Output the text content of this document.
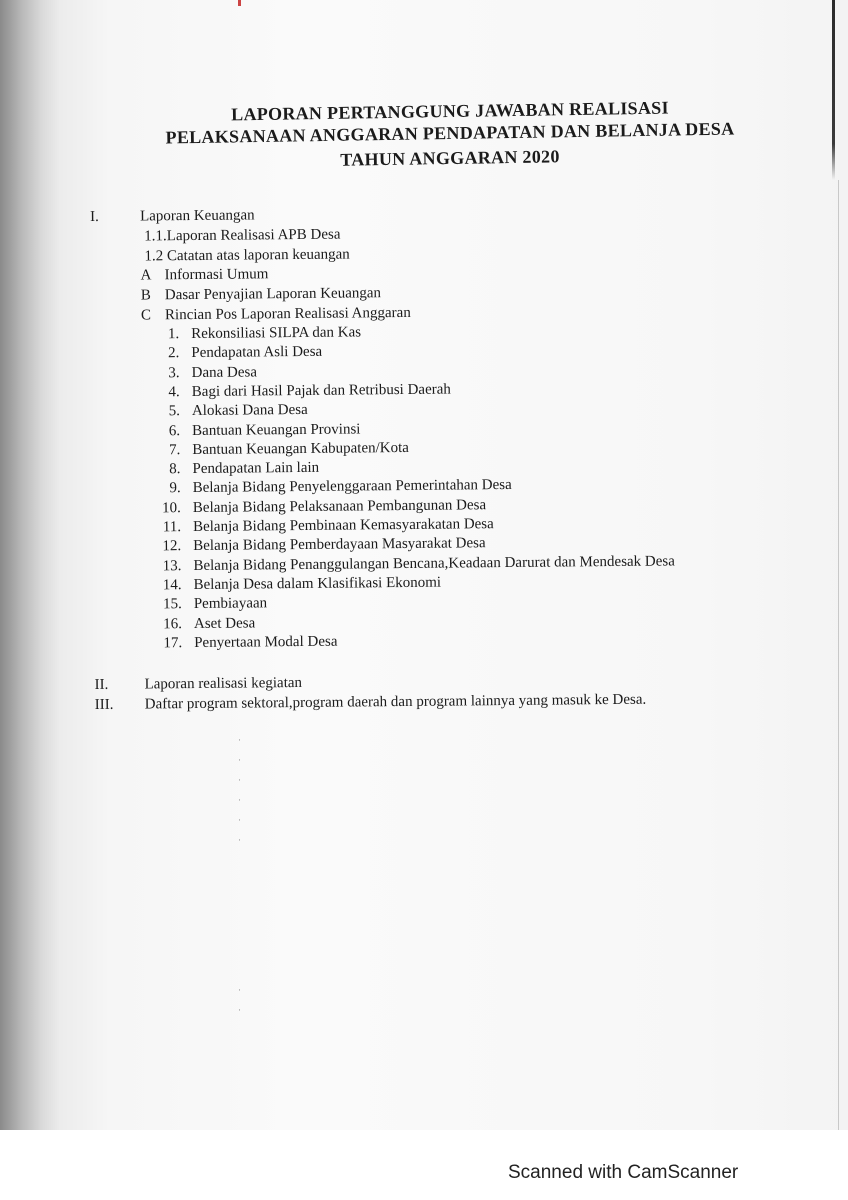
LAPORAN PERTANGGUNG JAWABAN REALISASI
PELAKSANAAN ANGGARAN PENDAPATAN DAN BELANJA DESA
TAHUN ANGGARAN 2020
I.	Laporan Keuangan
1.1.Laporan Realisasi APB Desa
1.2 Catatan atas laporan keuangan
A Informasi Umum
B Dasar Penyajian Laporan Keuangan
C Rincian Pos Laporan Realisasi Anggaran
1. Rekonsiliasi SILPA dan Kas
2. Pendapatan Asli Desa
3. Dana Desa
4. Bagi dari Hasil Pajak dan Retribusi Daerah
5. Alokasi Dana Desa
6. Bantuan Keuangan Provinsi
7. Bantuan Keuangan Kabupaten/Kota
8. Pendapatan Lain lain
9. Belanja Bidang Penyelenggaraan Pemerintahan Desa
10. Belanja Bidang Pelaksanaan Pembangunan Desa
11. Belanja Bidang Pembinaan Kemasyarakatan Desa
12. Belanja Bidang Pemberdayaan Masyarakat Desa
13. Belanja Bidang Penanggulangan Bencana,Keadaan Darurat dan Mendesak Desa
14. Belanja Desa dalam Klasifikasi Ekonomi
15. Pembiayaan
16. Aset Desa
17. Penyertaan Modal Desa
II. Laporan realisasi kegiatan
III. Daftar program sektoral,program daerah dan program lainnya yang masuk ke Desa.
·

·

·

·

·

·
·

·
Scanned with CamScanner
